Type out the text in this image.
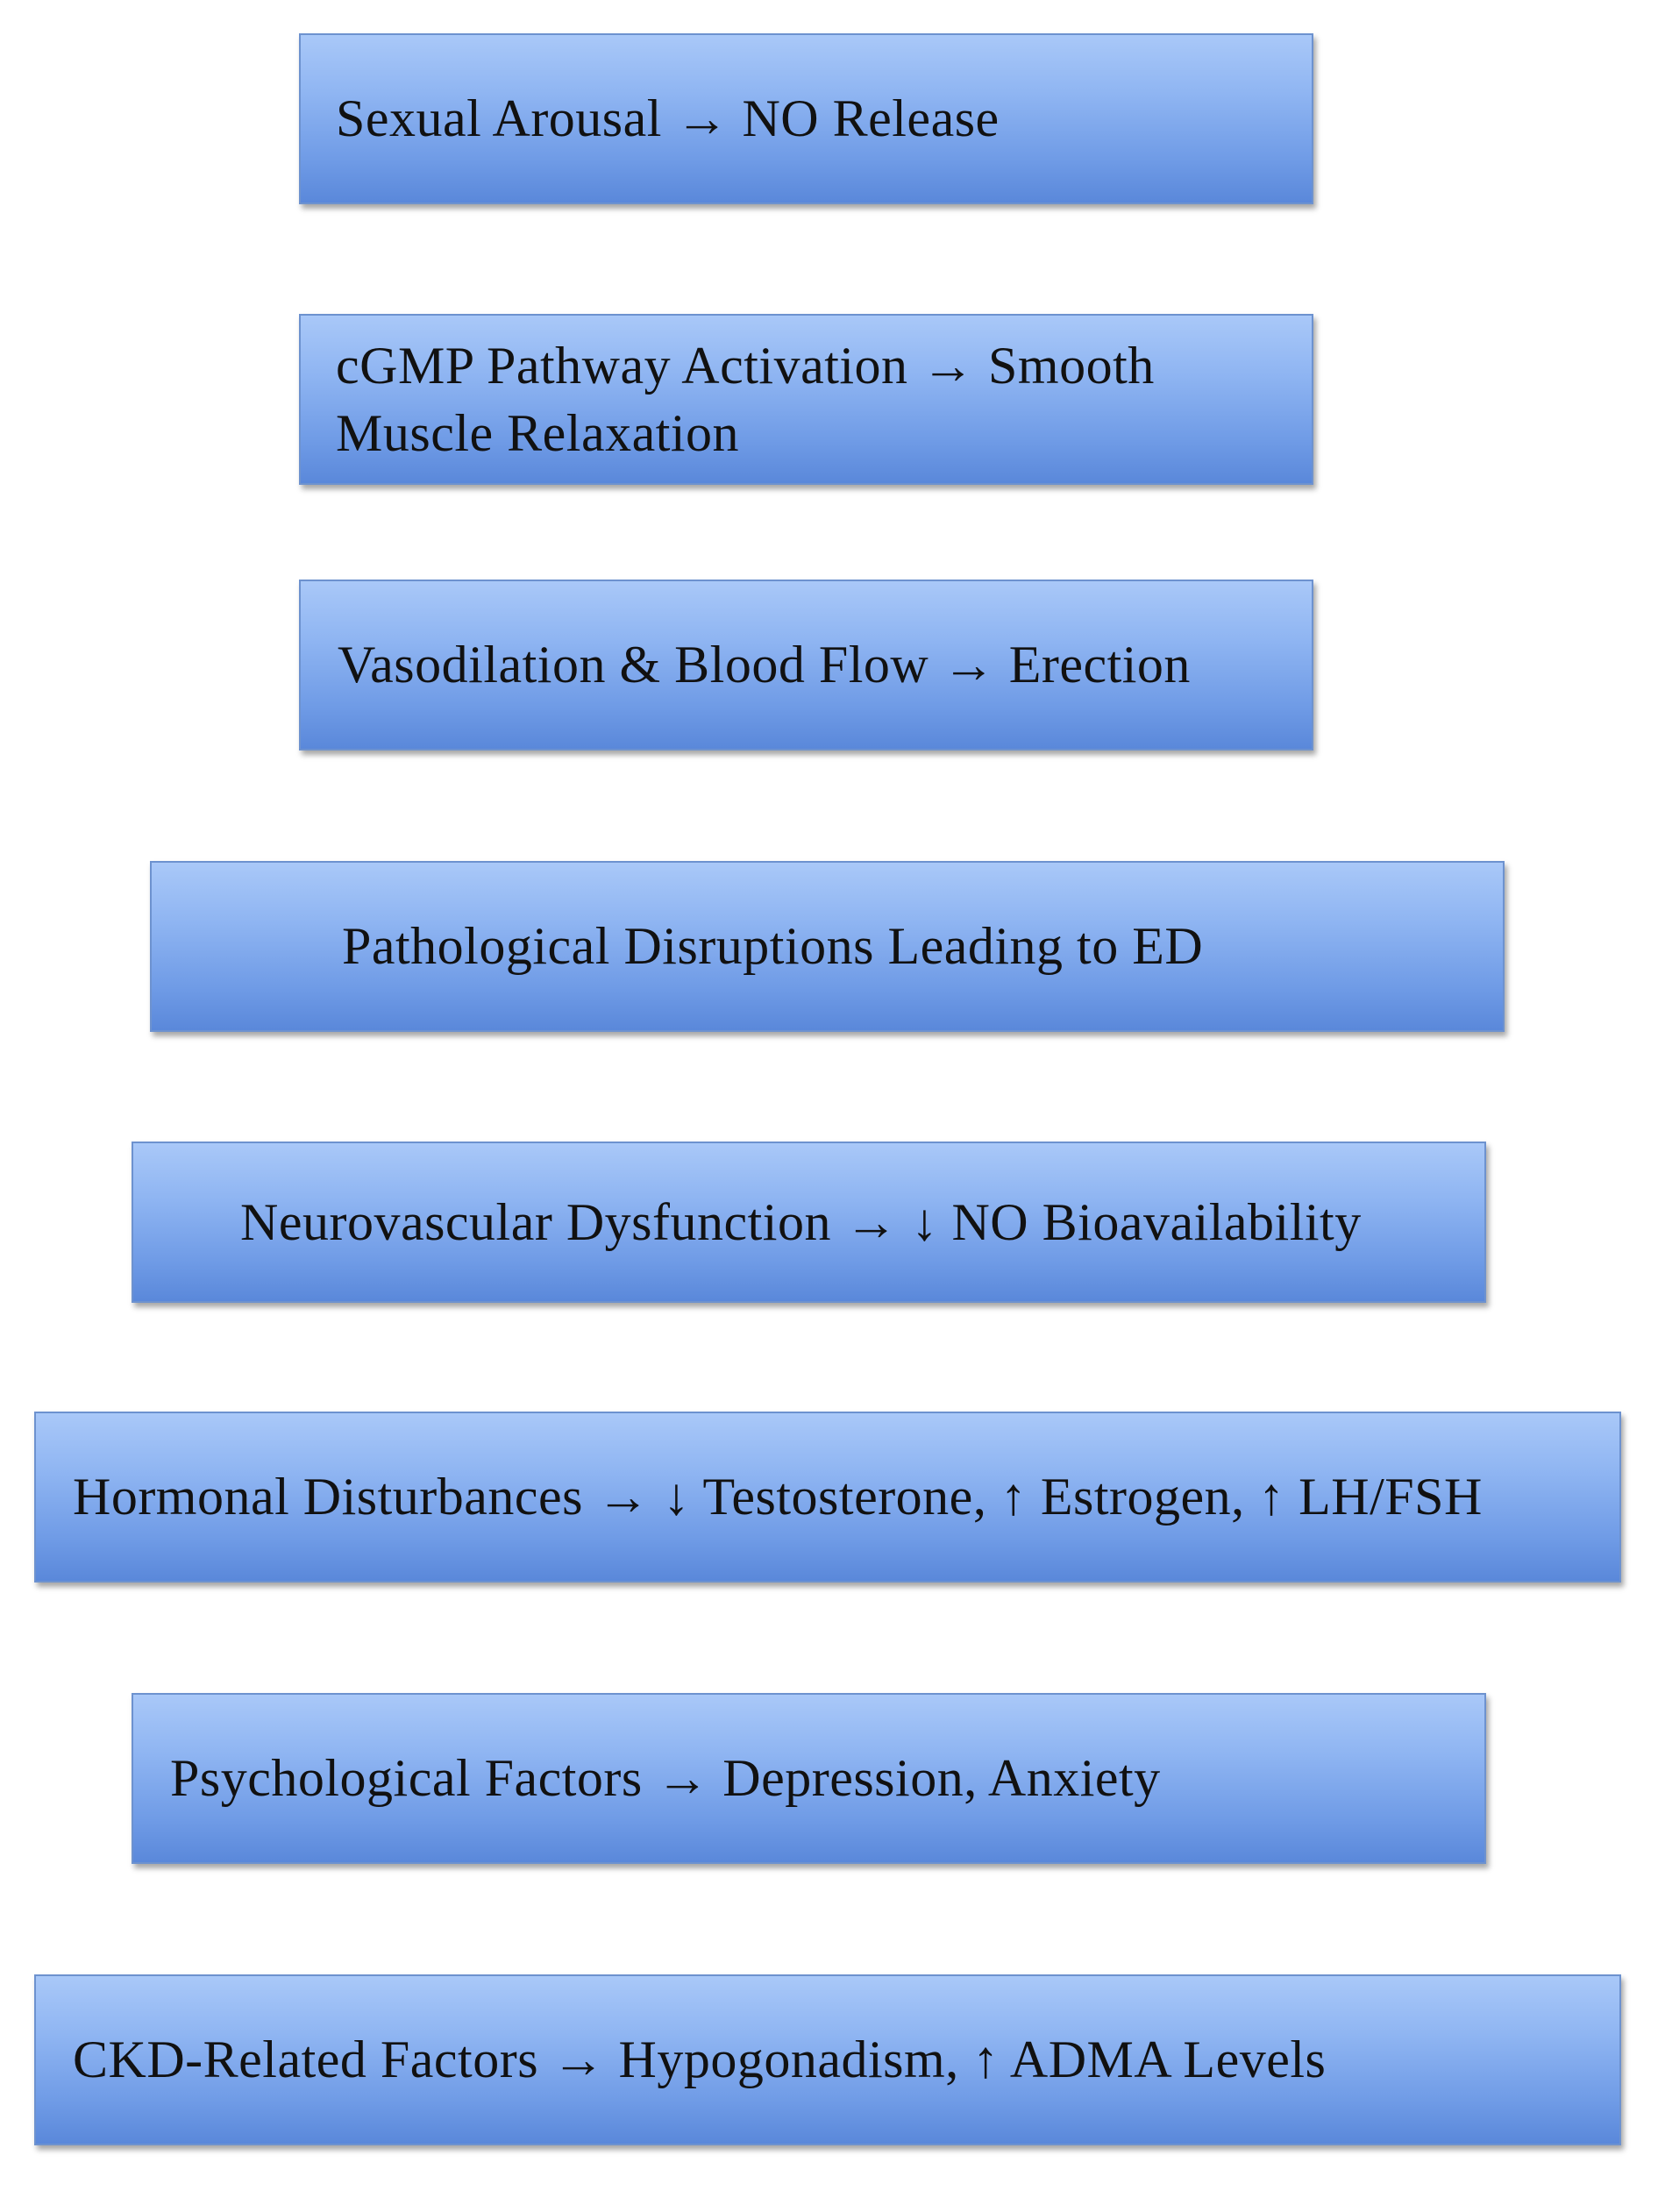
Sexual Arousal → NO Release
cGMP Pathway Activation → Smooth Muscle Relaxation
Vasodilation & Blood Flow → Erection
Pathological Disruptions Leading to ED
Neurovascular Dysfunction → ↓ NO Bioavailability
Hormonal Disturbances → ↓ Testosterone, ↑ Estrogen, ↑ LH/FSH
Psychological Factors → Depression, Anxiety
CKD-Related Factors → Hypogonadism, ↑ ADMA Levels
